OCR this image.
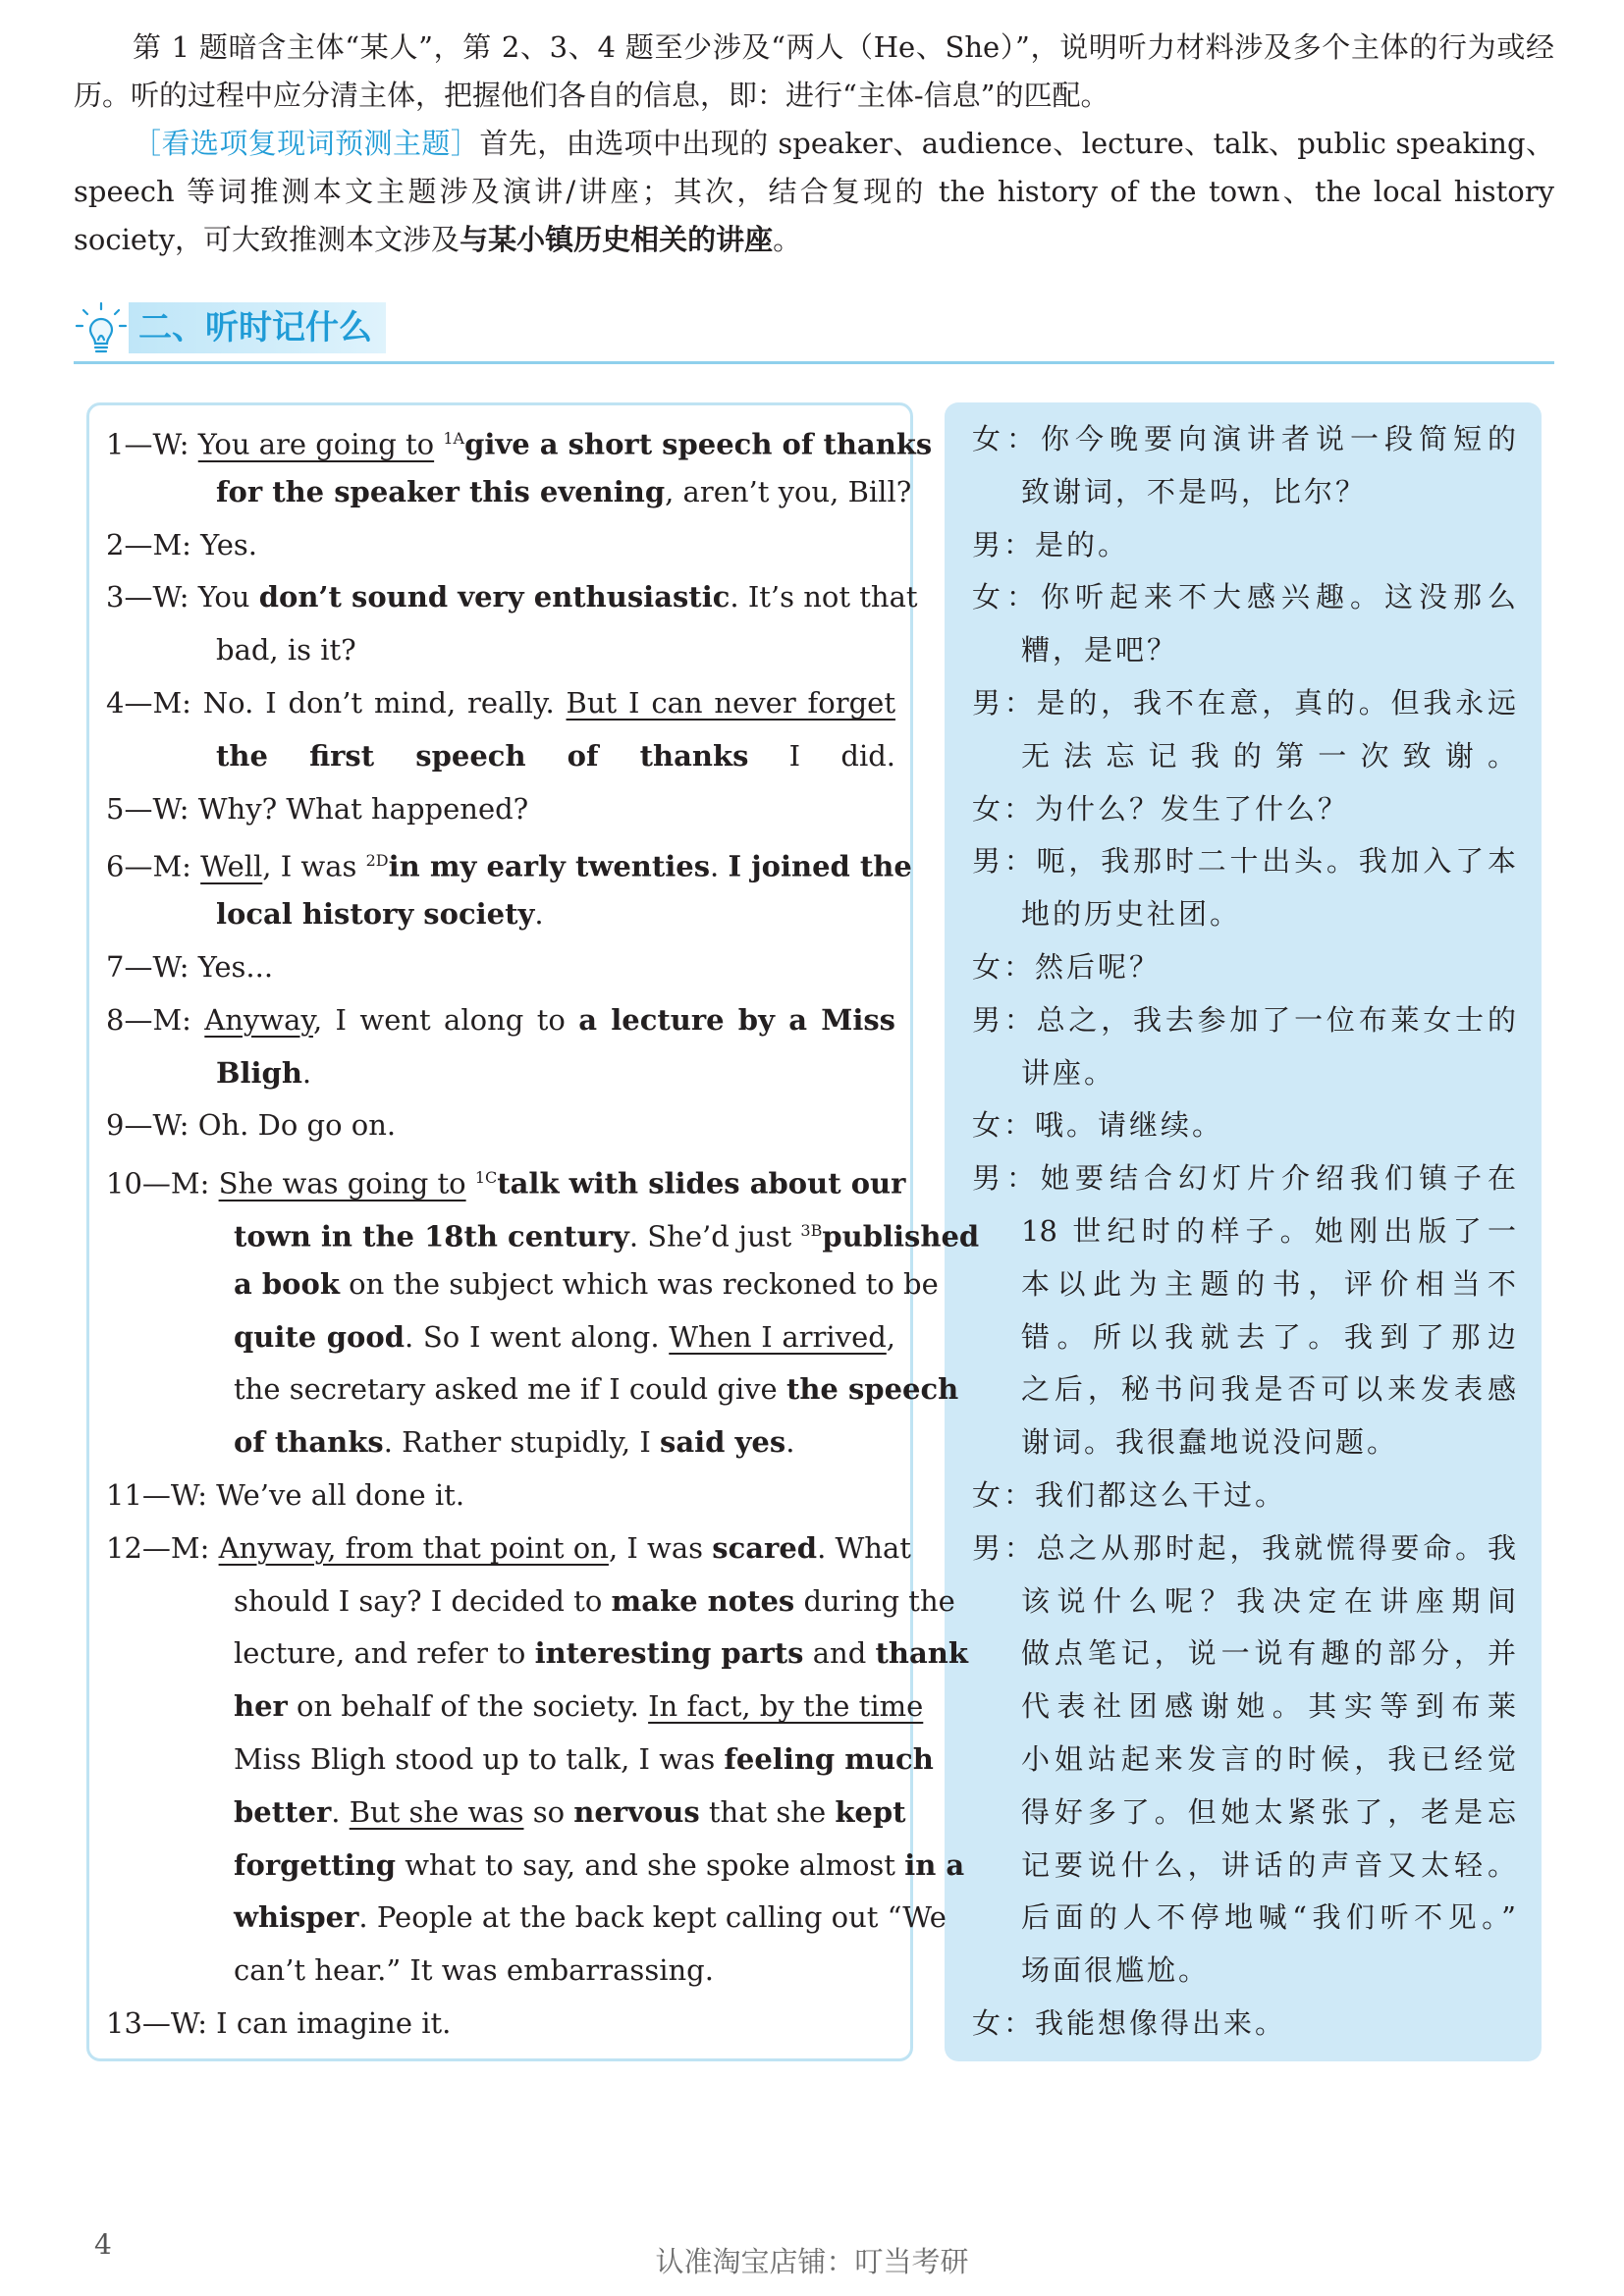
第 1 题暗含主体“某人”，第 2、3、4 题至少涉及“两人（He、She）”，说明听力材料涉及多个主体的行为或经历。听的过程中应分清主体，把握他们各自的信息，即：进行“主体-信息”的匹配。

［看选项复现词预测主题］首先，由选项中出现的 speaker、audience、lecture、talk、public speaking、speech 等词推测本文主题涉及演讲/讲座；其次，结合复现的 the history of the town、the local history society，可大致推测本文涉及与某小镇历史相关的讲座。

二、听时记什么
1—W: You are going to $^{1A}$give a short speech of thanks
for the speaker this evening, aren’t you, Bill?
2—M: Yes.
3—W: You don’t sound very enthusiastic. It’s not that
bad, is it?
4—M: No. I don’t mind, really. But I can never forget
the first speech of thanks I did.
5—W: Why? What happened?
6—M: Well, I was $^{2D}$in my early twenties. I joined the
local history society.
7—W: Yes...
8—M: Anyway, I went along to a lecture by a Miss
Bligh.
9—W: Oh. Do go on.
10—M: She was going to $^{1C}$talk with slides about our
town in the 18th century. She’d just $^{3B}$published
a book on the subject which was reckoned to be
quite good. So I went along. When I arrived,
the secretary asked me if I could give the speech
of thanks. Rather stupidly, I said yes.
11—W: We’ve all done it.
12—M: Anyway, from that point on, I was scared. What
should I say? I decided to make notes during the
lecture, and refer to interesting parts and thank
her on behalf of the society. In fact, by the time
Miss Bligh stood up to talk, I was feeling much
better. But she was so nervous that she kept
forgetting what to say, and she spoke almost in a
whisper. People at the back kept calling out “We
can’t hear.” It was embarrassing.
13—W: I can imagine it.
女：你今晚要向演讲者说一段简短的
致谢词，不是吗，比尔？
男：是的。
女：你听起来不大感兴趣。这没那么
糟，是吧？
男：是的，我不在意，真的。但我永远
无法忘记我的第一次致谢。
女：为什么？发生了什么？
男：呃，我那时二十出头。我加入了本
地的历史社团。
女：然后呢？
男：总之，我去参加了一位布莱女士的
讲座。
女：哦。请继续。
男：她要结合幻灯片介绍我们镇子在
18 世纪时的样子。她刚出版了一
本以此为主题的书，评价相当不
错。所以我就去了。我到了那边
之后，秘书问我是否可以来发表感
谢词。我很蠢地说没问题。
女：我们都这么干过。
男：总之从那时起，我就慌得要命。我
该说什么呢？我决定在讲座期间
做点笔记，说一说有趣的部分，并
代表社团感谢她。其实等到布莱
小姐站起来发言的时候，我已经觉
得好多了。但她太紧张了，老是忘
记要说什么，讲话的声音又太轻。
后面的人不停地喊“我们听不见。”
场面很尴尬。
女：我能想像得出来。
4
认准淘宝店铺：叮当考研
